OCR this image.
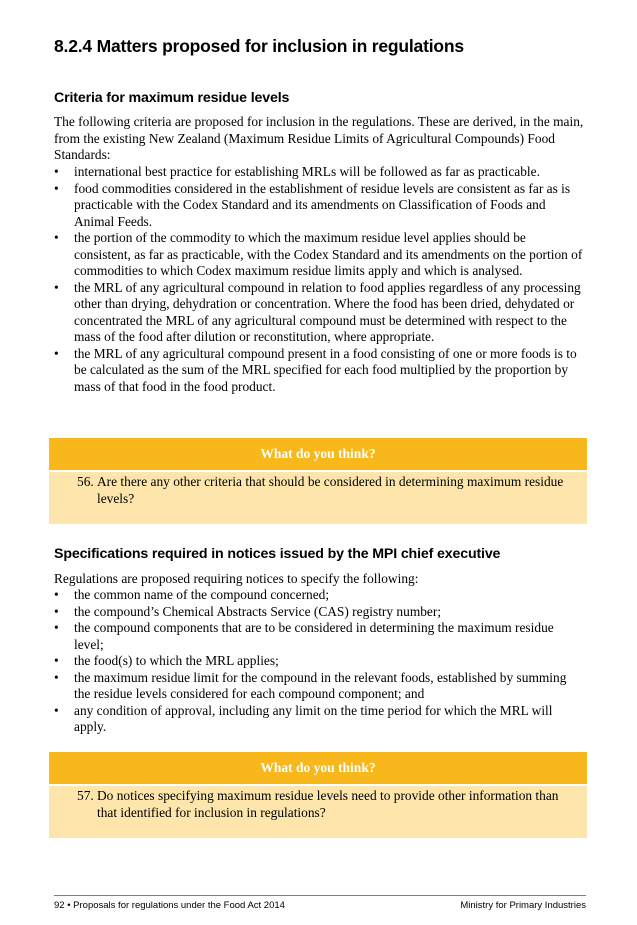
8.2.4 Matters proposed for inclusion in regulations
Criteria for maximum residue levels

The following criteria are proposed for inclusion in the regulations. These are derived, in the main, from the existing New Zealand (Maximum Residue Limits of Agricultural Compounds) Food Standards:

•	international best practice for establishing MRLs will be followed as far as practicable.
•	food commodities considered in the establishment of residue levels are consistent as far as is practicable with the Codex Standard and its amendments on Classification of Foods and Animal Feeds.
•	the portion of the commodity to which the maximum residue level applies should be consistent, as far as practicable, with the Codex Standard and its amendments on the portion of commodities to which Codex maximum residue limits apply and which is analysed.
•	the MRL of any agricultural compound in relation to food applies regardless of any processing other than drying, dehydration or concentration. Where the food has been dried, dehydated or concentrated the MRL of any agricultural compound must be determined with respect to the mass of the food after dilution or reconstitution, where appropriate.
•	the MRL of any agricultural compound present in a food consisting of one or more foods is to be calculated as the sum of the MRL specified for each food multiplied by the proportion by mass of that food in the food product.
What do you think?
56. Are there any other criteria that should be considered in determining maximum residue levels?
Specifications required in notices issued by the MPI chief executive

Regulations are proposed requiring notices to specify the following:

•	the common name of the compound concerned;
•	the compound’s Chemical Abstracts Service (CAS) registry number;
•	the compound components that are to be considered in determining the maximum residue level;
•	the food(s) to which the MRL applies;
•	the maximum residue limit for the compound in the relevant foods, established by summing the residue levels considered for each compound component; and
•	any condition of approval, including any limit on the time period for which the MRL will apply.
What do you think?
57. Do notices specifying maximum residue levels need to provide other information than that identified for inclusion in regulations?
92 • Proposals for regulations under the Food Act 2014	Ministry for Primary Industries
